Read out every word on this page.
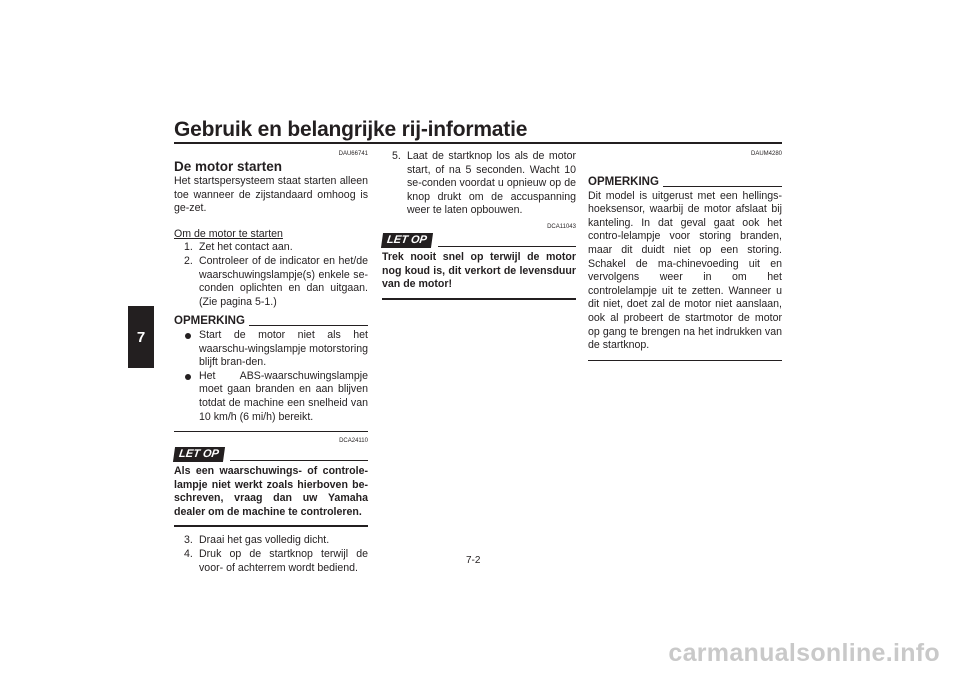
Gebruik en belangrijke rij-informatie
7
DAU66741
De motor starten

Het startspersysteem staat starten alleen toe wanneer de zijstandaard omhoog is ge-zet.

Om de motor te starten
1. Zet het contact aan.
2. Controleer of de indicator en het/de waarschuwingslampje(s) enkele se-conden oplichten en dan uitgaan. (Zie pagina 5-1.)
OPMERKING
Start de motor niet als het waarschu-wingslampje motorstoring blijft bran-den.
Het ABS-waarschuwingslampje moet gaan branden en aan blijven totdat de machine een snelheid van 10 km/h (6 mi/h) bereikt.
DCA24110
LET OP
Als een waarschuwings- of controle-lampje niet werkt zoals hierboven be-schreven, vraag dan uw Yamaha dealer om de machine te controleren.
3. Draai het gas volledig dicht.
4. Druk op de startknop terwijl de voor- of achterrem wordt bediend.
5. Laat de startknop los als de motor start, of na 5 seconden. Wacht 10 se-conden voordat u opnieuw op de knop drukt om de accuspanning weer te laten opbouwen.
DCA11043
LET OP
Trek nooit snel op terwijl de motor nog koud is, dit verkort de levensduur van de motor!
DAUM4280
OPMERKING

Dit model is uitgerust met een hellings-hoeksensor, waarbij de motor afslaat bij kanteling. In dat geval gaat ook het contro-lelampje voor storing branden, maar dit duidt niet op een storing. Schakel de ma-chinevoeding uit en vervolgens weer in om het controlelampje uit te zetten. Wanneer u dit niet, doet zal de motor niet aanslaan, ook al probeert de startmotor de motor op gang te brengen na het indrukken van de startknop.

7-2
carmanualsonline.info
